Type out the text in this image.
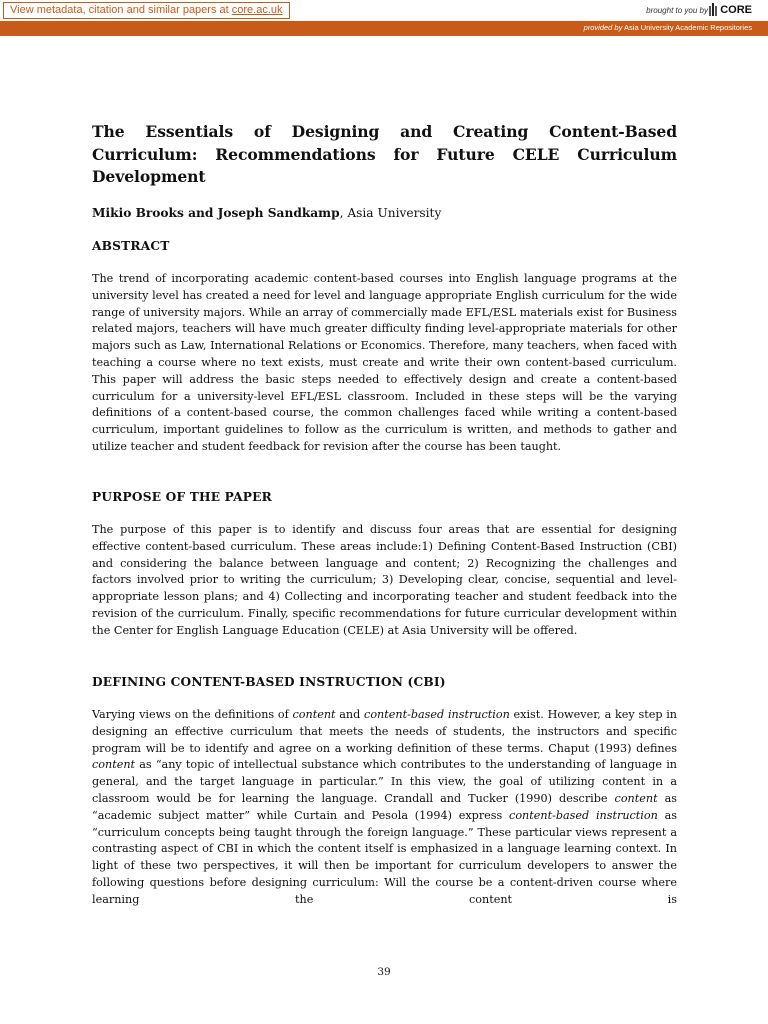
View metadata, citation and similar papers at core.ac.uk	brought to you by CORE
provided by Asia University Academic Repositories
The Essentials of Designing and Creating Content-Based Curriculum: Recommendations for Future CELE Curriculum Development

Mikio Brooks and Joseph Sandkamp, Asia University

ABSTRACT

The trend of incorporating academic content-based courses into English language programs at the university level has created a need for level and language appropriate English curriculum for the wide range of university majors. While an array of commercially made EFL/ESL materials exist for Business related majors, teachers will have much greater difficulty finding level-appropriate materials for other majors such as Law, International Relations or Economics. Therefore, many teachers, when faced with teaching a course where no text exists, must create and write their own content-based curriculum. This paper will address the basic steps needed to effectively design and create a content-based curriculum for a university-level EFL/ESL classroom. Included in these steps will be the varying definitions of a content-based course, the common challenges faced while writing a content-based curriculum, important guidelines to follow as the curriculum is written, and methods to gather and utilize teacher and student feedback for revision after the course has been taught.

PURPOSE OF THE PAPER

The purpose of this paper is to identify and discuss four areas that are essential for designing effective content-based curriculum. These areas include:1) Defining Content-Based Instruction (CBI) and considering the balance between language and content; 2) Recognizing the challenges and factors involved prior to writing the curriculum; 3) Developing clear, concise, sequential and level-appropriate lesson plans; and 4) Collecting and incorporating teacher and student feedback into the revision of the curriculum. Finally, specific recommendations for future curricular development within the Center for English Language Education (CELE) at Asia University will be offered.

DEFINING CONTENT-BASED INSTRUCTION (CBI)

Varying views on the definitions of content and content-based instruction exist. However, a key step in designing an effective curriculum that meets the needs of students, the instructors and specific program will be to identify and agree on a working definition of these terms. Chaput (1993) defines content as “any topic of intellectual substance which contributes to the understanding of language in general, and the target language in particular.” In this view, the goal of utilizing content in a classroom would be for learning the language. Crandall and Tucker (1990) describe content as “academic subject matter” while Curtain and Pesola (1994) express content-based instruction as “curriculum concepts being taught through the foreign language.” These particular views represent a contrasting aspect of CBI in which the content itself is emphasized in a language learning context. In light of these two perspectives, it will then be important for curriculum developers to answer the following questions before designing curriculum: Will the course be a content-driven course where learning the content is

39
